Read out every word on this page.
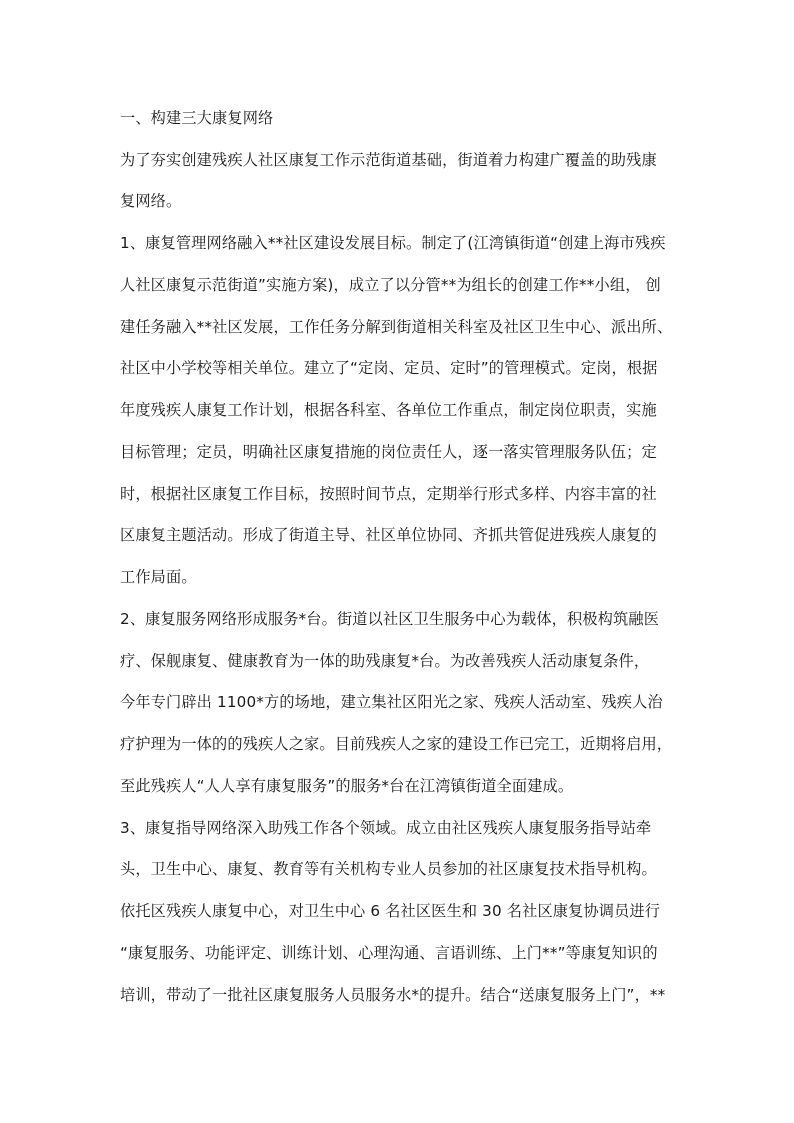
一、构建三大康复网络
为了夯实创建残疾人社区康复工作示范街道基础，街道着力构建广覆盖的助残康
复网络。
1、康复管理网络融入**社区建设发展目标。制定了(江湾镇街道“创建上海市残疾
人社区康复示范街道”实施方案)，成立了以分管**为组长的创建工作**小组， 创
建任务融入**社区发展，工作任务分解到街道相关科室及社区卫生中心、派出所、
社区中小学校等相关单位。建立了“定岗、定员、定时”的管理模式。定岗，根据
年度残疾人康复工作计划，根据各科室、各单位工作重点，制定岗位职责，实施
目标管理；定员，明确社区康复措施的岗位责任人，逐一落实管理服务队伍；定
时，根据社区康复工作目标，按照时间节点，定期举行形式多样、内容丰富的社
区康复主题活动。形成了街道主导、社区单位协同、齐抓共管促进残疾人康复的
工作局面。
2、康复服务网络形成服务*台。街道以社区卫生服务中心为载体，积极构筑融医
疗、保舰康复、健康教育为一体的助残康复*台。为改善残疾人活动康复条件，
今年专门辟出 1100*方的场地，建立集社区阳光之家、残疾人活动室、残疾人治
疗护理为一体的的残疾人之家。目前残疾人之家的建设工作已完工，近期将启用，
至此残疾人“人人享有康复服务”的服务*台在江湾镇街道全面建成。
3、康复指导网络深入助残工作各个领域。成立由社区残疾人康复服务指导站牵
头，卫生中心、康复、教育等有关机构专业人员参加的社区康复技术指导机构。
依托区残疾人康复中心，对卫生中心 6 名社区医生和 30 名社区康复协调员进行
“康复服务、功能评定、训练计划、心理沟通、言语训练、上门**”等康复知识的
培训，带动了一批社区康复服务人员服务水*的提升。结合“送康复服务上门”，**
